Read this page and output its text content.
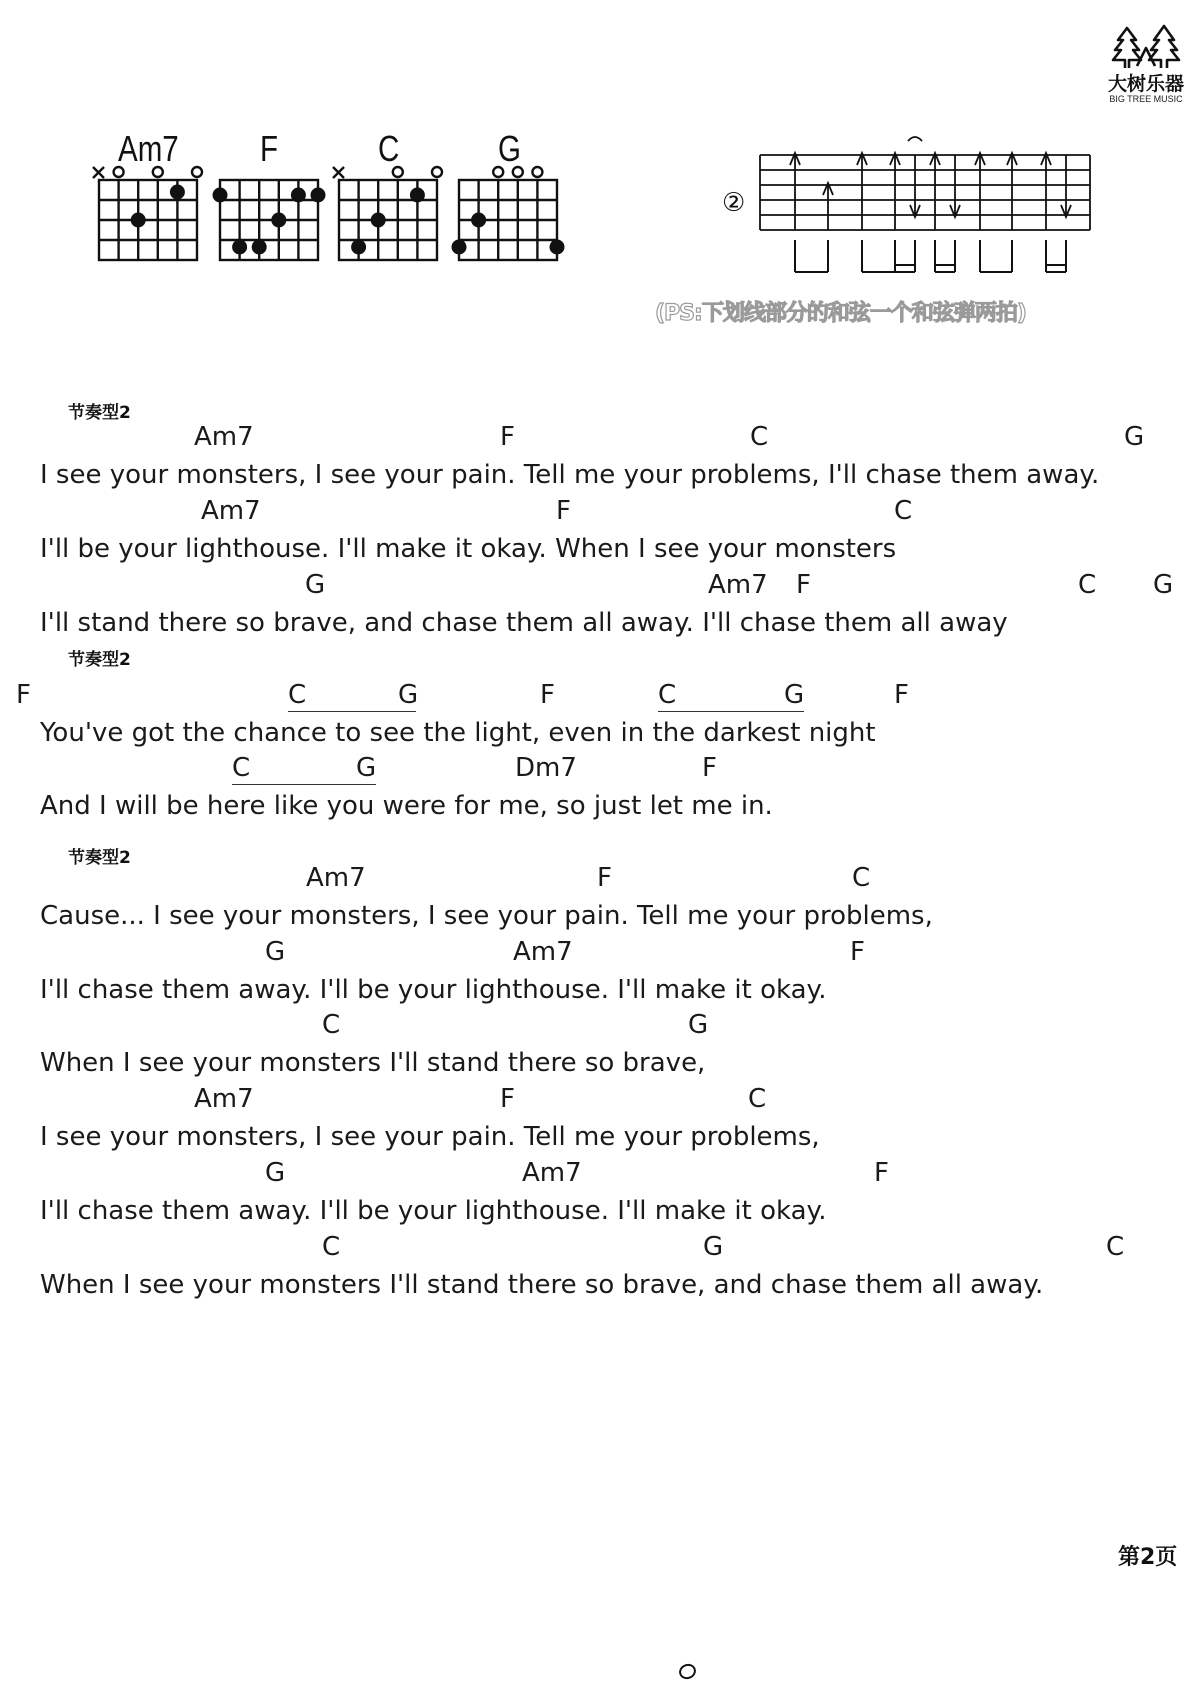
大树乐器
BIG TREE MUSIC
Am7 F	C	G
②
(PS:下划线部分的和弦一个和弦弹两拍)
节奏型2
Am7	F	C	G
I see your monsters, I see your pain. Tell me your problems, I'll chase them away.
Am7	F	C
I'll be your lighthouse. I'll make it okay. When I see your monsters
G	Am7 F	C G
I'll stand there so brave, and chase them all away. I'll chase them all away
节奏型2
F	C	G	F	C	G	F
You've got the chance to see the light, even in the darkest night
C	G	Dm7	F
And I will be here like you were for me, so just let me in.
节奏型2
Am7	F	C
Cause... I see your monsters, I see your pain. Tell me your problems,
G	Am7	F
I'll chase them away. I'll be your lighthouse. I'll make it okay.
C	G
When I see your monsters I'll stand there so brave,
Am7	F	C
I see your monsters, I see your pain. Tell me your problems,
G	Am7	F
I'll chase them away. I'll be your lighthouse. I'll make it okay.
C	G	C
When I see your monsters I'll stand there so brave, and chase them all away.
第2页
